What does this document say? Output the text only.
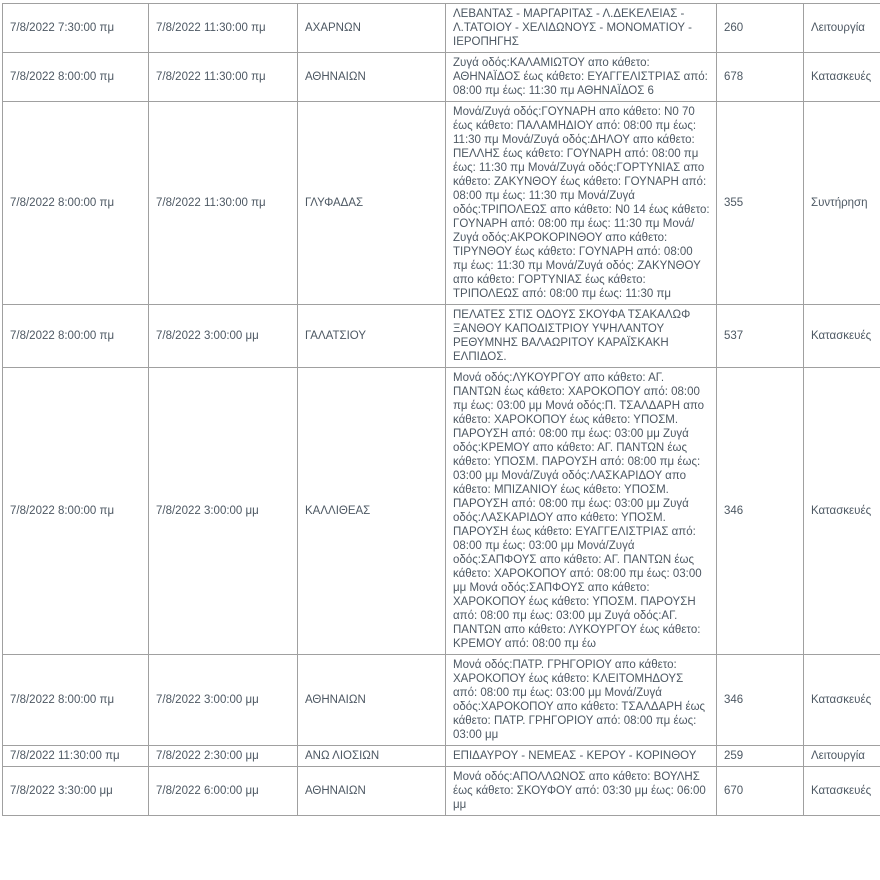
7/8/2022 7:30:00 πμ	7/8/2022 11:30:00 πμ	ΑΧΑΡΝΩΝ	ΛΕΒΑΝΤΑΣ - ΜΑΡΓΑΡΙΤΑΣ - Λ.ΔΕΚΕΛΕΙΑΣ - Λ.ΤΑΤΟΙΟΥ - ΧΕΛΙΔΩΝΟΥΣ - ΜΟΝΟΜΑΤΙΟΥ - ΙΕΡΟΠΗΓΗΣ	260	Λειτουργία
7/8/2022 8:00:00 πμ	7/8/2022 11:30:00 πμ	ΑΘΗΝΑΙΩΝ	Ζυγά οδός:ΚΑΛΑΜΙΩΤΟΥ απο κάθετο: ΑΘΗΝΑΪΔΟΣ έως κάθετο: ΕΥΑΓΓΕΛΙΣΤΡΙΑΣ από: 08:00 πμ έως: 11:30 πμ ΑΘΗΝΑΪΔΟΣ 6	678	Κατασκευές
7/8/2022 8:00:00 πμ	7/8/2022 11:30:00 πμ	ΓΛΥΦΑΔΑΣ	Μονά/Ζυγά οδός:ΓΟΥΝΑΡΗ απο κάθετο: Ν0 70 έως κάθετο: ΠΑΛΑΜΗΔΙΟΥ από: 08:00 πμ έως: 11:30 πμ Μονά/Ζυγά οδός:ΔΗΛΟΥ απο κάθετο: ΠΕΛΛΗΣ έως κάθετο: ΓΟΥΝΑΡΗ από: 08:00 πμ έως: 11:30 πμ Μονά/Ζυγά οδός:ΓΟΡΤΥΝΙΑΣ απο κάθετο: ΖΑΚΥΝΘΟΥ έως κάθετο: ΓΟΥΝΑΡΗ από: 08:00 πμ έως: 11:30 πμ Μονά/Ζυγά οδός:ΤΡΙΠΟΛΕΩΣ απο κάθετο: Ν0 14 έως κάθετο: ΓΟΥΝΑΡΗ από: 08:00 πμ έως: 11:30 πμ Μονά/Ζυγά οδός:ΑΚΡΟΚΟΡΙΝΘΟΥ απο κάθετο: ΤΙΡΥΝΘΟΥ έως κάθετο: ΓΟΥΝΑΡΗ από: 08:00 πμ έως: 11:30 πμ Μονά/Ζυγά οδός: ΖΑΚΥΝΘΟΥ απο κάθετο: ΓΟΡΤΥΝΙΑΣ έως κάθετο: ΤΡΙΠΟΛΕΩΣ από: 08:00 πμ έως: 11:30 πμ	355	Συντήρηση
7/8/2022 8:00:00 πμ	7/8/2022 3:00:00 μμ	ΓΑΛΑΤΣΙΟΥ	ΠΕΛΑΤΕΣ ΣΤΙΣ ΟΔΟΥΣ ΣΚΟΥΦΑ ΤΣΑΚΑΛΩΦ ΞΑΝΘΟΥ ΚΑΠΟΔΙΣΤΡΙΟΥ ΥΨΗΛΑΝΤΟΥ ΡΕΘΥΜΝΗΣ ΒΑΛΑΩΡΙΤΟΥ ΚΑΡΑΪΣΚΑΚΗ ΕΛΠΙΔΟΣ.	537	Κατασκευές
7/8/2022 8:00:00 πμ	7/8/2022 3:00:00 μμ	ΚΑΛΛΙΘΕΑΣ	Μονά οδός:ΛΥΚΟΥΡΓΟΥ απο κάθετο: ΑΓ. ΠΑΝΤΩΝ έως κάθετο: ΧΑΡΟΚΟΠΟΥ από: 08:00 πμ έως: 03:00 μμ Μονά οδός:Π. ΤΣΑΛΔΑΡΗ απο κάθετο: ΧΑΡΟΚΟΠΟΥ έως κάθετο: ΥΠΟΣΜ. ΠΑΡΟΥΣΗ από: 08:00 πμ έως: 03:00 μμ Ζυγά οδός:ΚΡΕΜΟΥ απο κάθετο: ΑΓ. ΠΑΝΤΩΝ έως κάθετο: ΥΠΟΣΜ. ΠΑΡΟΥΣΗ από: 08:00 πμ έως: 03:00 μμ Μονά/Ζυγά οδός:ΛΑΣΚΑΡΙΔΟΥ απο κάθετο: ΜΠΙΖΑΝΙΟΥ έως κάθετο: ΥΠΟΣΜ. ΠΑΡΟΥΣΗ από: 08:00 πμ έως: 03:00 μμ Ζυγά οδός:ΛΑΣΚΑΡΙΔΟΥ απο κάθετο: ΥΠΟΣΜ. ΠΑΡΟΥΣΗ έως κάθετο: ΕΥΑΓΓΕΛΙΣΤΡΙΑΣ από: 08:00 πμ έως: 03:00 μμ Μονά/Ζυγά οδός:ΣΑΠΦΟΥΣ απο κάθετο: ΑΓ. ΠΑΝΤΩΝ έως κάθετο: ΧΑΡΟΚΟΠΟΥ από: 08:00 πμ έως: 03:00 μμ Μονά οδός:ΣΑΠΦΟΥΣ απο κάθετο: ΧΑΡΟΚΟΠΟΥ έως κάθετο: ΥΠΟΣΜ. ΠΑΡΟΥΣΗ από: 08:00 πμ έως: 03:00 μμ Ζυγά οδός:ΑΓ. ΠΑΝΤΩΝ απο κάθετο: ΛΥΚΟΥΡΓΟΥ έως κάθετο: ΚΡΕΜΟΥ από: 08:00 πμ έω	346	Κατασκευές
7/8/2022 8:00:00 πμ	7/8/2022 3:00:00 μμ	ΑΘΗΝΑΙΩΝ	Μονά οδός:ΠΑΤΡ. ΓΡΗΓΟΡΙΟΥ απο κάθετο: ΧΑΡΟΚΟΠΟΥ έως κάθετο: ΚΛΕΙΤΟΜΗΔΟΥΣ από: 08:00 πμ έως: 03:00 μμ Μονά/Ζυγά οδός:ΧΑΡΟΚΟΠΟΥ απο κάθετο: ΤΣΑΛΔΑΡΗ έως κάθετο: ΠΑΤΡ. ΓΡΗΓΟΡΙΟΥ από: 08:00 πμ έως: 03:00 μμ	346	Κατασκευές
7/8/2022 11:30:00 πμ	7/8/2022 2:30:00 μμ	ΑΝΩ ΛΙΟΣΙΩΝ	ΕΠΙΔΑΥΡΟΥ - ΝΕΜΕΑΣ - ΚΕΡΟΥ - ΚΟΡΙΝΘΟΥ	259	Λειτουργία
7/8/2022 3:30:00 μμ	7/8/2022 6:00:00 μμ	ΑΘΗΝΑΙΩΝ	Μονά οδός:ΑΠΟΛΛΩΝΟΣ απο κάθετο: ΒΟΥΛΗΣ έως κάθετο: ΣΚΟΥΦΟΥ από: 03:30 μμ έως: 06:00 μμ	670	Κατασκευές
